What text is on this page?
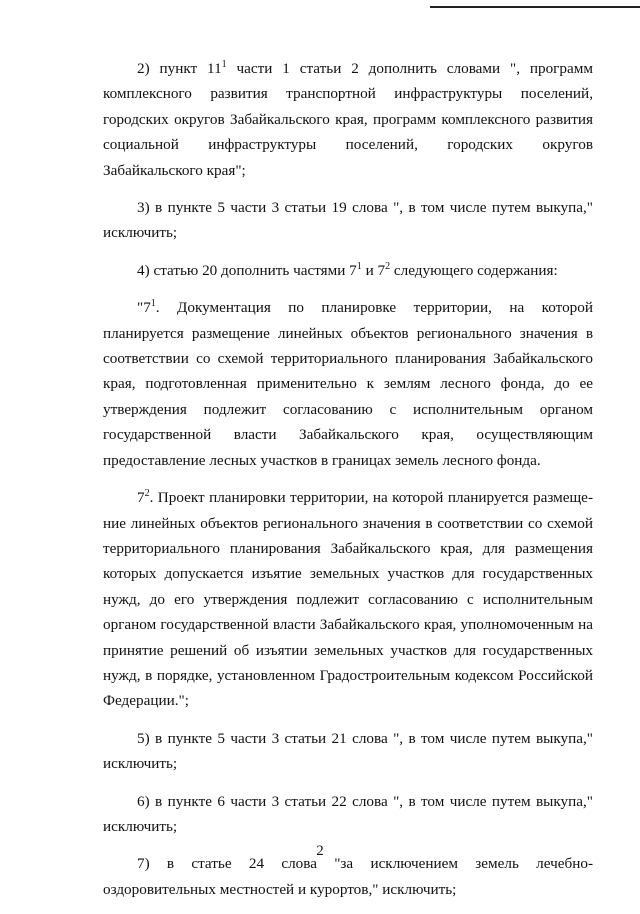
2) пункт $11^1$ части 1 статьи 2 дополнить словами ", программ комплексного развития транспортной инфраструктуры поселений, городских округов Забайкальского края, программ комплексного развития социальной инфраструктуры поселений, городских округов Забайкальского края";

3) в пункте 5 части 3 статьи 19 слова ", в том числе путем выкупа," исключить;

4) статью 20 дополнить частями $7^1$ и $7^2$ следующего содержания:

"$7^1$. Документация по планировке территории, на которой планируется размещение линейных объектов регионального значения в соответствии со схемой территориального планирования Забайкальского края, подготовленная применительно к землям лесного фонда, до ее утверждения подлежит согласованию с исполнительным органом государственной власти Забайкальского края, осуществляющим предоставление лесных участков в границах земель лесного фонда.

$7^2$. Проект планировки территории, на которой планируется размещение линейных объектов регионального значения в соответствии со схемой территориального планирования Забайкальского края, для размещения которых допускается изъятие земельных участков для государственных нужд, до его утверждения подлежит согласованию с исполнительным органом государственной власти Забайкальского края, уполномоченным на принятие решений об изъятии земельных участков для государственных нужд, в порядке, установленном Градостроительным кодексом Российской Федерации.";

5) в пункте 5 части 3 статьи 21 слова ", в том числе путем выкупа," исключить;

6) в пункте 6 части 3 статьи 22 слова ", в том числе путем выкупа," исключить;

7) в статье 24 слова "за исключением земель лечебно-оздоровительных местностей и курортов," исключить;

2
